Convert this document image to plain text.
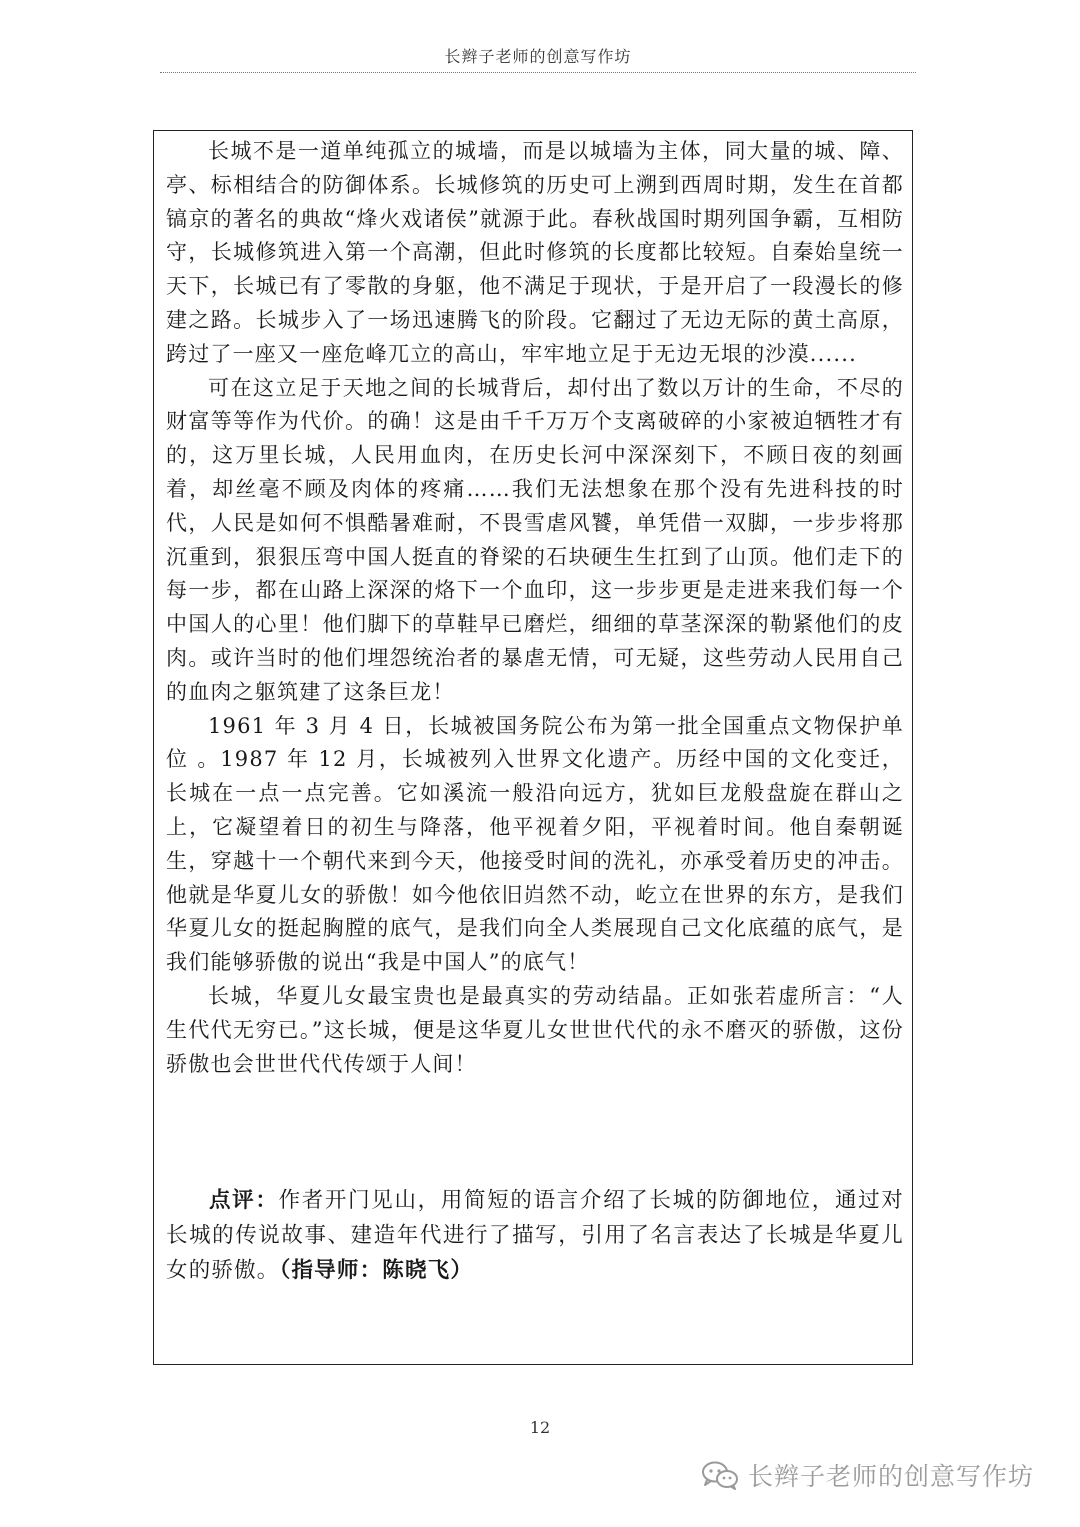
长辫子老师的创意写作坊

长城不是一道单纯孤立的城墙，而是以城墙为主体，同大量的城、障、亭、标相结合的防御体系。长城修筑的历史可上溯到西周时期，发生在首都镐京的著名的典故“烽火戏诸侯”就源于此。春秋战国时期列国争霸，互相防守，长城修筑进入第一个高潮，但此时修筑的长度都比较短。自秦始皇统一天下，长城已有了零散的身躯，他不满足于现状，于是开启了一段漫长的修建之路。长城步入了一场迅速腾飞的阶段。它翻过了无边无际的黄土高原，跨过了一座又一座危峰兀立的高山，牢牢地立足于无边无垠的沙漠......

可在这立足于天地之间的长城背后，却付出了数以万计的生命，不尽的财富等等作为代价。的确！这是由千千万万个支离破碎的小家被迫牺牲才有的，这万里长城，人民用血肉，在历史长河中深深刻下，不顾日夜的刻画着，却丝毫不顾及肉体的疼痛……我们无法想象在那个没有先进科技的时代，人民是如何不惧酷暑难耐，不畏雪虐风饕，单凭借一双脚，一步步将那沉重到，狠狠压弯中国人挺直的脊梁的石块硬生生扛到了山顶。他们走下的每一步，都在山路上深深的烙下一个血印，这一步步更是走进来我们每一个中国人的心里！他们脚下的草鞋早已磨烂，细细的草茎深深的勒紧他们的皮肉。或许当时的他们埋怨统治者的暴虐无情，可无疑，这些劳动人民用自己的血肉之躯筑建了这条巨龙！

1961 年 3 月 4 日，长城被国务院公布为第一批全国重点文物保护单位 。1987 年 12 月，长城被列入世界文化遗产。历经中国的文化变迁，长城在一点一点完善。它如溪流一般沿向远方，犹如巨龙般盘旋在群山之上，它凝望着日的初生与降落，他平视着夕阳，平视着时间。他自秦朝诞生，穿越十一个朝代来到今天，他接受时间的洗礼，亦承受着历史的冲击。他就是华夏儿女的骄傲！如今他依旧岿然不动，屹立在世界的东方，是我们华夏儿女的挺起胸膛的底气，是我们向全人类展现自己文化底蕴的底气，是我们能够骄傲的说出“我是中国人”的底气！

长城，华夏儿女最宝贵也是最真实的劳动结晶。正如张若虚所言：“人生代代无穷已。”这长城，便是这华夏儿女世世代代的永不磨灭的骄傲，这份骄傲也会世世代代传颂于人间！

点评：作者开门见山，用简短的语言介绍了长城的防御地位，通过对长城的传说故事、建造年代进行了描写，引用了名言表达了长城是华夏儿女的骄傲。（指导师：陈晓飞）
12
长辫子老师的创意写作坊
